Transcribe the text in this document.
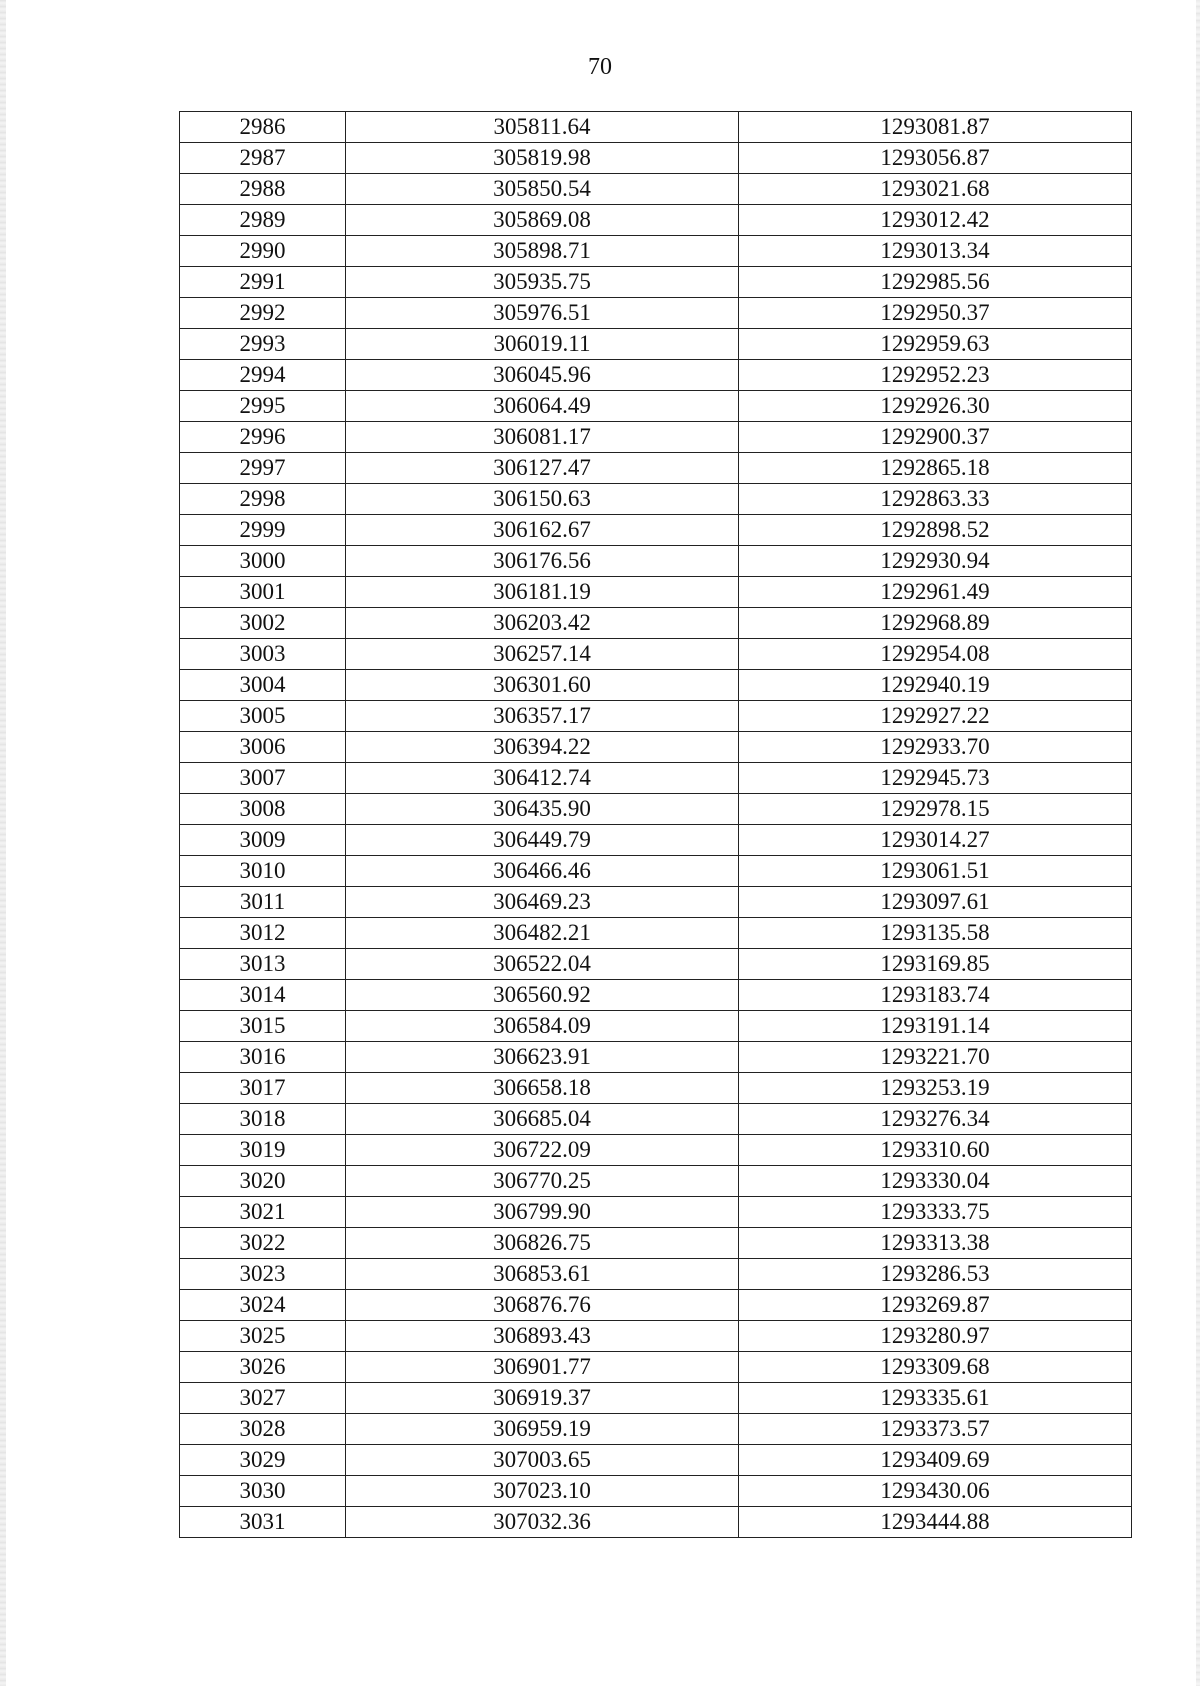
70
2986	305811.64	1293081.87
2987	305819.98	1293056.87
2988	305850.54	1293021.68
2989	305869.08	1293012.42
2990	305898.71	1293013.34
2991	305935.75	1292985.56
2992	305976.51	1292950.37
2993	306019.11	1292959.63
2994	306045.96	1292952.23
2995	306064.49	1292926.30
2996	306081.17	1292900.37
2997	306127.47	1292865.18
2998	306150.63	1292863.33
2999	306162.67	1292898.52
3000	306176.56	1292930.94
3001	306181.19	1292961.49
3002	306203.42	1292968.89
3003	306257.14	1292954.08
3004	306301.60	1292940.19
3005	306357.17	1292927.22
3006	306394.22	1292933.70
3007	306412.74	1292945.73
3008	306435.90	1292978.15
3009	306449.79	1293014.27
3010	306466.46	1293061.51
3011	306469.23	1293097.61
3012	306482.21	1293135.58
3013	306522.04	1293169.85
3014	306560.92	1293183.74
3015	306584.09	1293191.14
3016	306623.91	1293221.70
3017	306658.18	1293253.19
3018	306685.04	1293276.34
3019	306722.09	1293310.60
3020	306770.25	1293330.04
3021	306799.90	1293333.75
3022	306826.75	1293313.38
3023	306853.61	1293286.53
3024	306876.76	1293269.87
3025	306893.43	1293280.97
3026	306901.77	1293309.68
3027	306919.37	1293335.61
3028	306959.19	1293373.57
3029	307003.65	1293409.69
3030	307023.10	1293430.06
3031	307032.36	1293444.88
